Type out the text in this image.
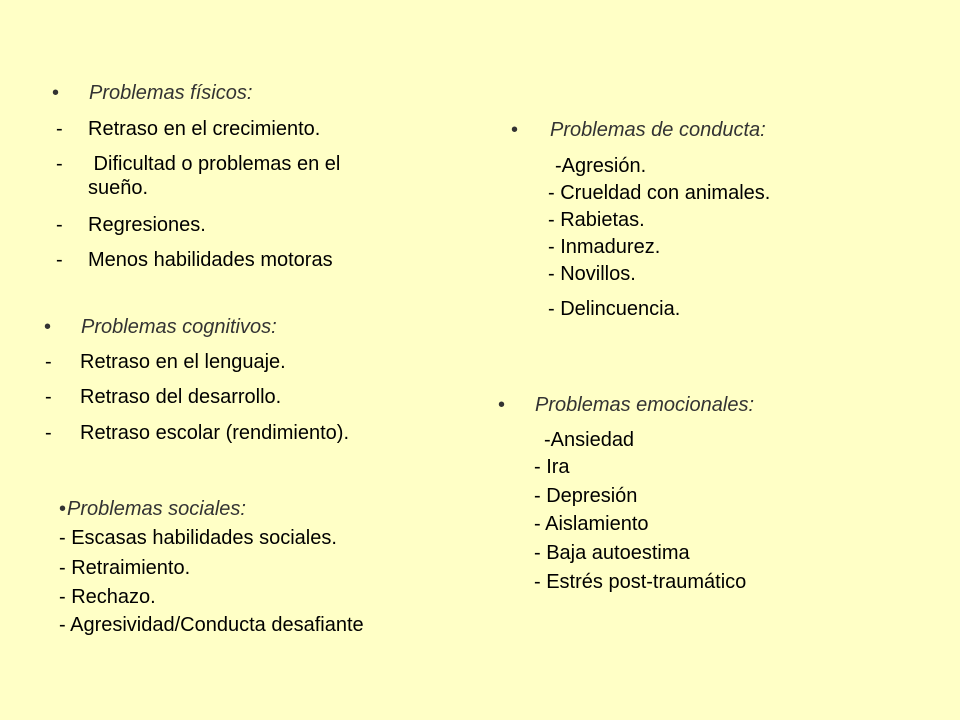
• Problemas físicos:
- Retraso en el crecimiento.
- Dificultad o problemas en el
sueño.
- Regresiones.
- Menos habilidades motoras
• Problemas de conducta:
-Agresión.
- Crueldad con animales.
- Rabietas.
- Inmadurez.
- Novillos.
- Delincuencia.
• Problemas cognitivos:
- Retraso en el lenguaje.
- Retraso del desarrollo.
- Retraso escolar (rendimiento).
• Problemas emocionales:
-Ansiedad
- Ira
- Depresión
- Aislamiento
- Baja autoestima
- Estrés post-traumático
• Problemas sociales:
- Escasas habilidades sociales.
- Retraimiento.
- Rechazo.
- Agresividad/Conducta desafiante
